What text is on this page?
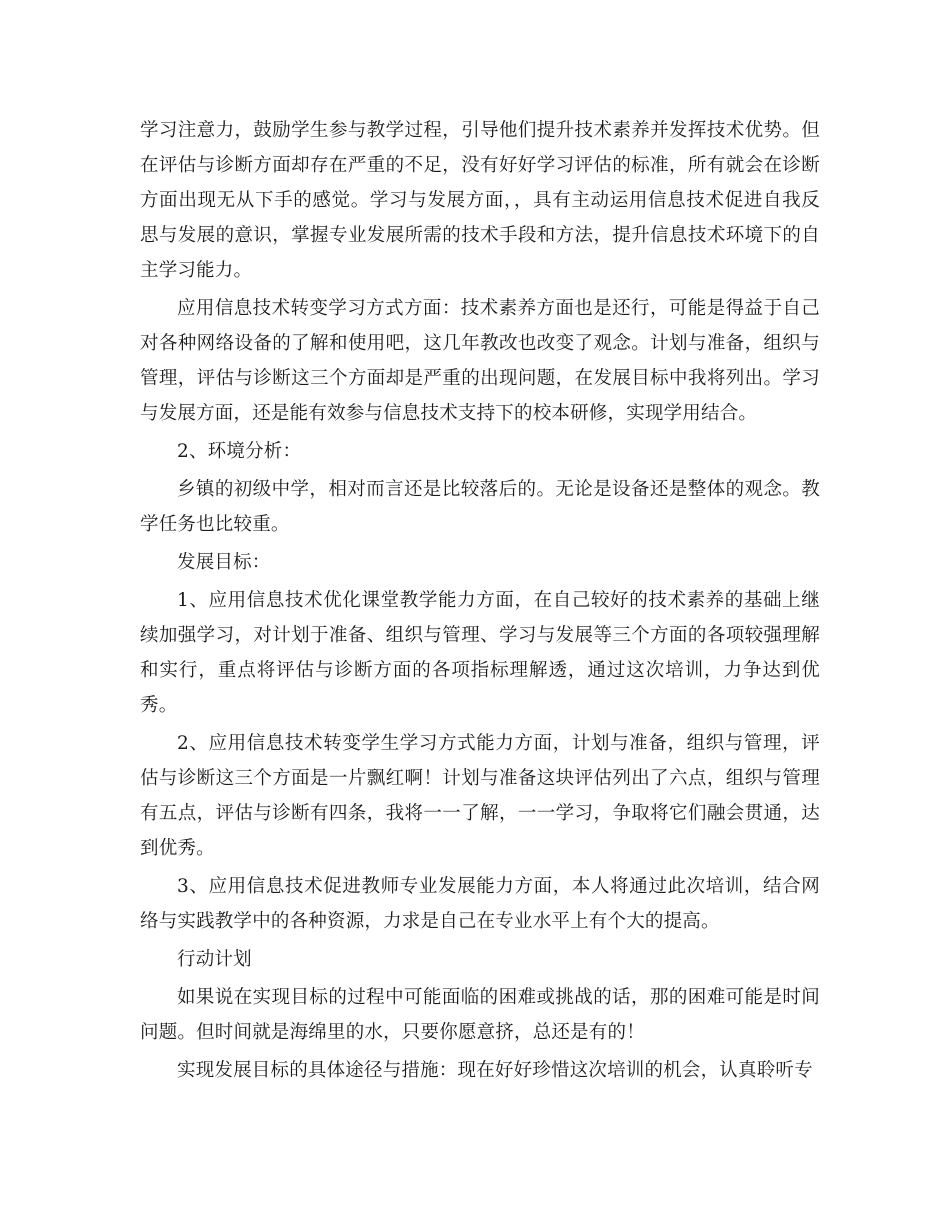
学习注意力，鼓励学生参与教学过程，引导他们提升技术素养并发挥技术优势。但在评估与诊断方面却存在严重的不足，没有好好学习评估的标准，所有就会在诊断方面出现无从下手的感觉。学习与发展方面，，具有主动运用信息技术促进自我反思与发展的意识，掌握专业发展所需的技术手段和方法，提升信息技术环境下的自主学习能力。

应用信息技术转变学习方式方面：技术素养方面也是还行，可能是得益于自己对各种网络设备的了解和使用吧，这几年教改也改变了观念。计划与准备，组织与管理，评估与诊断这三个方面却是严重的出现问题，在发展目标中我将列出。学习与发展方面，还是能有效参与信息技术支持下的校本研修，实现学用结合。

2、环境分析：

乡镇的初级中学，相对而言还是比较落后的。无论是设备还是整体的观念。教学任务也比较重。

发展目标：

1、应用信息技术优化课堂教学能力方面，在自己较好的技术素养的基础上继续加强学习，对计划于准备、组织与管理、学习与发展等三个方面的各项较强理解和实行，重点将评估与诊断方面的各项指标理解透，通过这次培训，力争达到优秀。

2、应用信息技术转变学生学习方式能力方面，计划与准备，组织与管理，评估与诊断这三个方面是一片飘红啊！计划与准备这块评估列出了六点，组织与管理有五点，评估与诊断有四条，我将一一了解，一一学习，争取将它们融会贯通，达到优秀。

3、应用信息技术促进教师专业发展能力方面，本人将通过此次培训，结合网络与实践教学中的各种资源，力求是自己在专业水平上有个大的提高。

行动计划

如果说在实现目标的过程中可能面临的困难或挑战的话，那的困难可能是时间问题。但时间就是海绵里的水，只要你愿意挤，总还是有的！

实现发展目标的具体途径与措施：现在好好珍惜这次培训的机会，认真聆听专
